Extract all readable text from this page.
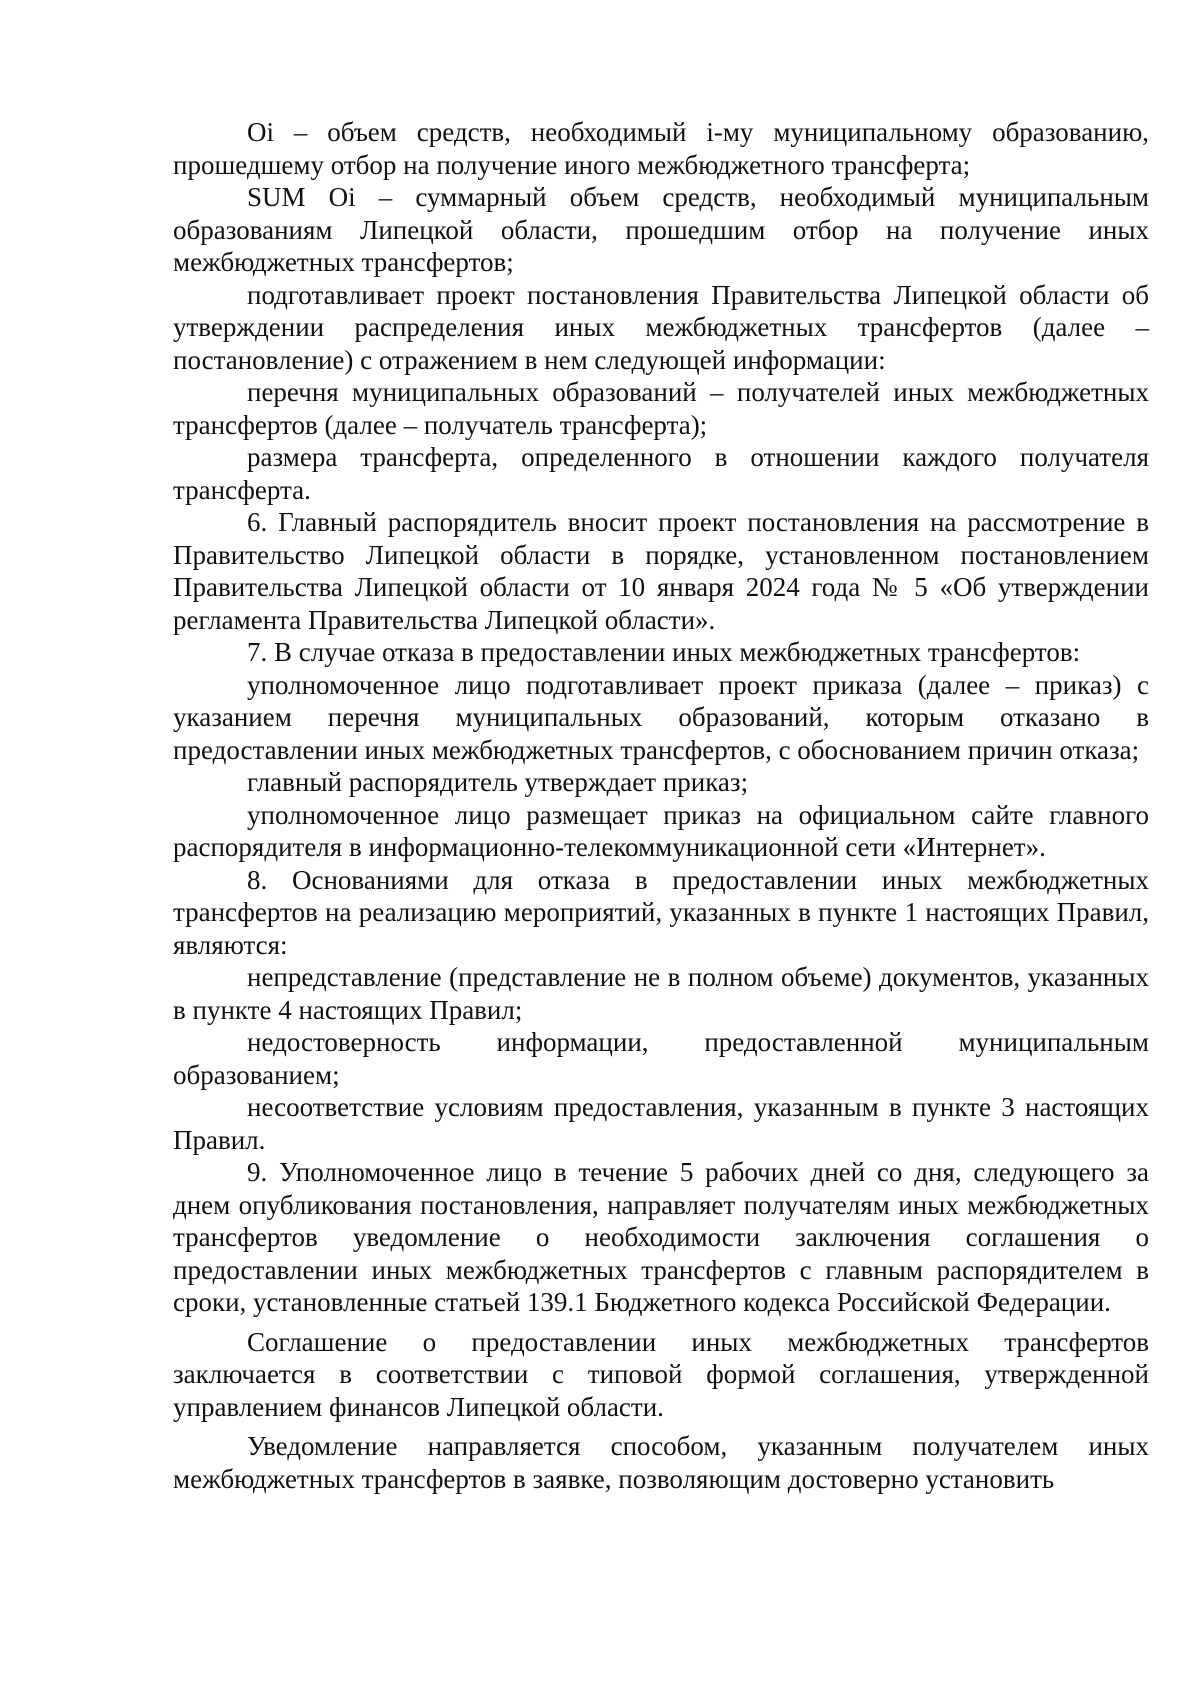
Oi – объем средств, необходимый i-му муниципальному образованию, прошедшему отбор на получение иного межбюджетного трансферта;

SUM Oi – суммарный объем средств, необходимый муниципальным образованиям Липецкой области, прошедшим отбор на получение иных межбюджетных трансфертов;

подготавливает проект постановления Правительства Липецкой области об утверждении распределения иных межбюджетных трансфертов (далее – постановление) с отражением в нем следующей информации:

перечня муниципальных образований – получателей иных межбюджетных трансфертов (далее – получатель трансферта);

размера трансферта, определенного в отношении каждого получателя трансферта.

6. Главный распорядитель вносит проект постановления на рассмотрение в Правительство Липецкой области в порядке, установленном постановлением Правительства Липецкой области от 10 января 2024 года № 5 «Об утверждении регламента Правительства Липецкой области».

7. В случае отказа в предоставлении иных межбюджетных трансфертов:

уполномоченное лицо подготавливает проект приказа (далее – приказ) с указанием перечня муниципальных образований, которым отказано в предоставлении иных межбюджетных трансфертов, с обоснованием причин отказа;

главный распорядитель утверждает приказ;

уполномоченное лицо размещает приказ на официальном сайте главного распорядителя в информационно-телекоммуникационной сети «Интернет».

8. Основаниями для отказа в предоставлении иных межбюджетных трансфертов на реализацию мероприятий, указанных в пункте 1 настоящих Правил, являются:

непредставление (представление не в полном объеме) документов, указанных в пункте 4 настоящих Правил;

недостоверность информации, предоставленной муниципальным образованием;

несоответствие условиям предоставления, указанным в пункте 3 настоящих Правил.

9. Уполномоченное лицо в течение 5 рабочих дней со дня, следующего за днем опубликования постановления, направляет получателям иных межбюджетных трансфертов уведомление о необходимости заключения соглашения о предоставлении иных межбюджетных трансфертов с главным распорядителем в сроки, установленные статьей 139.1 Бюджетного кодекса Российской Федерации.

Соглашение о предоставлении иных межбюджетных трансфертов заключается в соответствии с типовой формой соглашения, утвержденной управлением финансов Липецкой области.

Уведомление направляется способом, указанным получателем иных межбюджетных трансфертов в заявке, позволяющим достоверно установить
